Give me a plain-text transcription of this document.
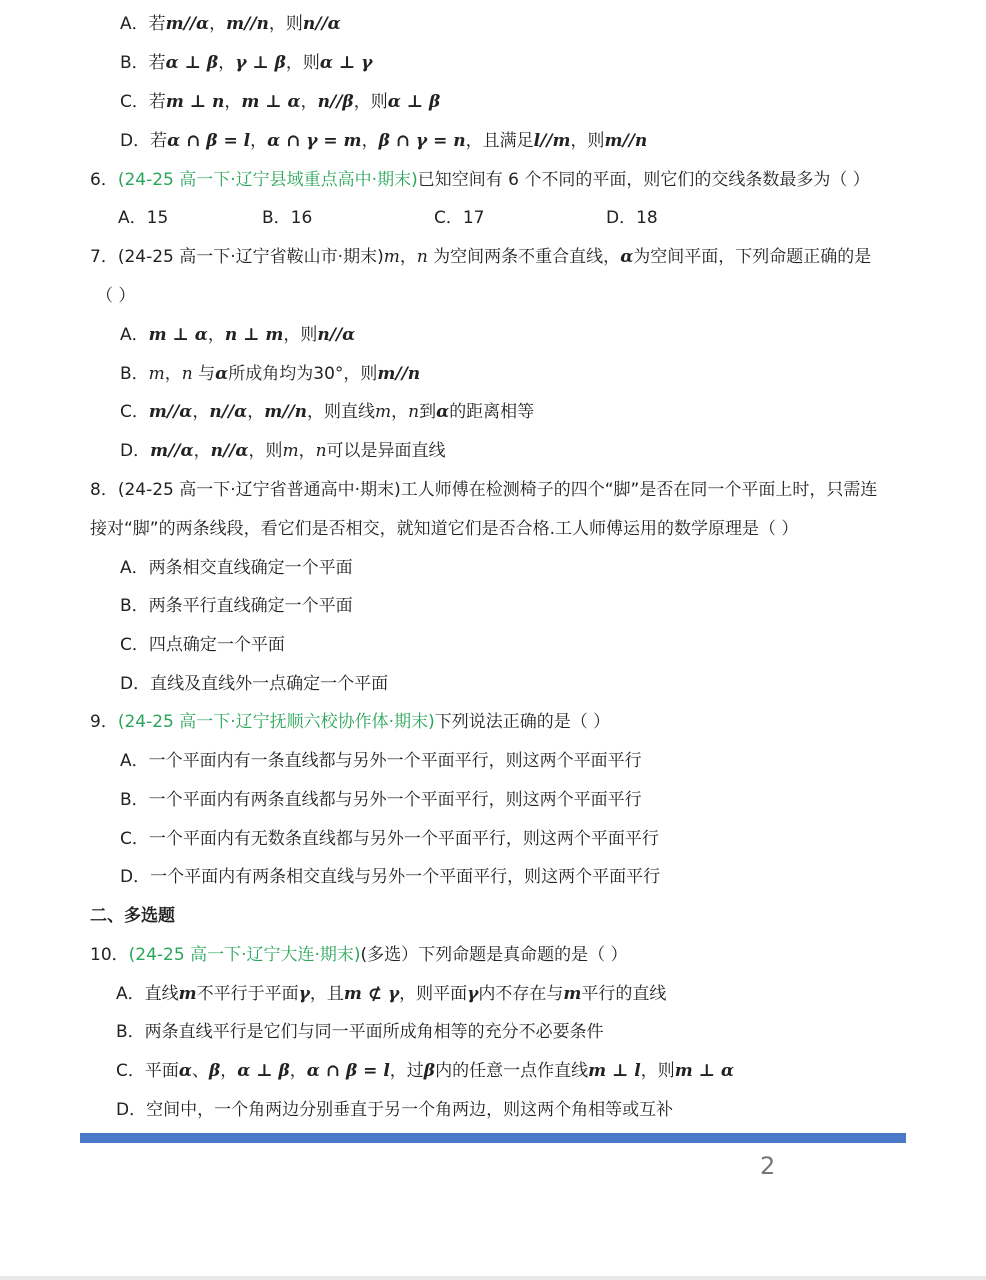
A．若m//α，m//n，则n//α
B．若α ⊥ β，γ ⊥ β，则α ⊥ γ
C．若m ⊥ n，m ⊥ α，n//β，则α ⊥ β
D．若α ∩ β = l，α ∩ γ = m，β ∩ γ = n，且满足l//m，则m//n
6．(24-25 高一下·辽宁县域重点高中·期末)已知空间有 6 个不同的平面，则它们的交线条数最多为（ ）
A．15	B．16	C．17	D．18
7．(24-25 高一下·辽宁省鞍山市·期末)m，n 为空间两条不重合直线，α为空间平面，下列命题正确的是
（ ）
A．m ⊥ α，n ⊥ m，则n//α
B．m，n 与α所成角均为30°，则m//n
C．m//α，n//α，m//n，则直线m，n到α的距离相等
D．m//α，n//α，则m，n可以是异面直线
8．(24-25 高一下·辽宁省普通高中·期末)工人师傅在检测椅子的四个“脚”是否在同一个平面上时，只需连
接对“脚”的两条线段，看它们是否相交，就知道它们是否合格.工人师傅运用的数学原理是（ ）
A．两条相交直线确定一个平面
B．两条平行直线确定一个平面
C．四点确定一个平面
D．直线及直线外一点确定一个平面
9．(24-25 高一下·辽宁抚顺六校协作体·期末)下列说法正确的是（ ）
A．一个平面内有一条直线都与另外一个平面平行，则这两个平面平行
B．一个平面内有两条直线都与另外一个平面平行，则这两个平面平行
C．一个平面内有无数条直线都与另外一个平面平行，则这两个平面平行
D．一个平面内有两条相交直线与另外一个平面平行，则这两个平面平行
二、多选题
10．(24-25 高一下·辽宁大连·期末)(多选）下列命题是真命题的是（ ）
A．直线m不平行于平面γ，且m ⊄ γ，则平面γ内不存在与m平行的直线
B．两条直线平行是它们与同一平面所成角相等的充分不必要条件
C．平面α、β，α ⊥ β，α ∩ β = l，过β内的任意一点作直线m ⊥ l，则m ⊥ α
D．空间中，一个角两边分别垂直于另一个角两边，则这两个角相等或互补
2
